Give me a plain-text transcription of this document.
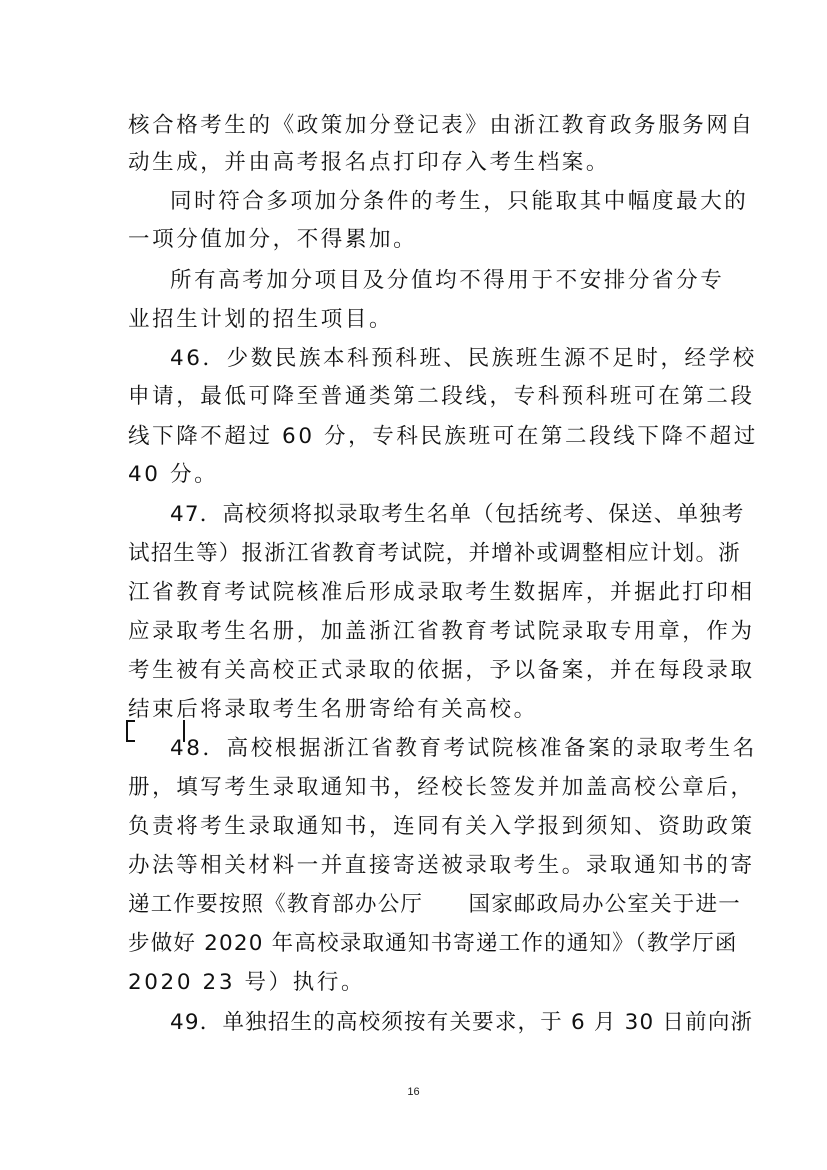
核合格考生的《政策加分登记表》由浙江教育政务服务网自
动生成，并由高考报名点打印存入考生档案。
同时符合多项加分条件的考生，只能取其中幅度最大的
一项分值加分，不得累加。
所有高考加分项目及分值均不得用于不安排分省分专
业招生计划的招生项目。
46．少数民族本科预科班、民族班生源不足时，经学校
申请，最低可降至普通类第二段线，专科预科班可在第二段
线下降不超过 60 分，专科民族班可在第二段线下降不超过
40 分。
47．高校须将拟录取考生名单（包括统考、保送、单独考
试招生等）报浙江省教育考试院，并增补或调整相应计划。浙
江省教育考试院核准后形成录取考生数据库，并据此打印相
应录取考生名册，加盖浙江省教育考试院录取专用章，作为
考生被有关高校正式录取的依据，予以备案，并在每段录取
结束后将录取考生名册寄给有关高校。
48．高校根据浙江省教育考试院核准备案的录取考生名
册，填写考生录取通知书，经校长签发并加盖高校公章后，
负责将考生录取通知书，连同有关入学报到须知、资助政策
办法等相关材料一并直接寄送被录取考生。录取通知书的寄
递工作要按照《教育部办公厅　　国家邮政局办公室关于进一
步做好 2020 年高校录取通知书寄递工作的通知》（教学厅函
2020 23 号）执行。
49．单独招生的高校须按有关要求，于 6 月 30 日前向浙
16
